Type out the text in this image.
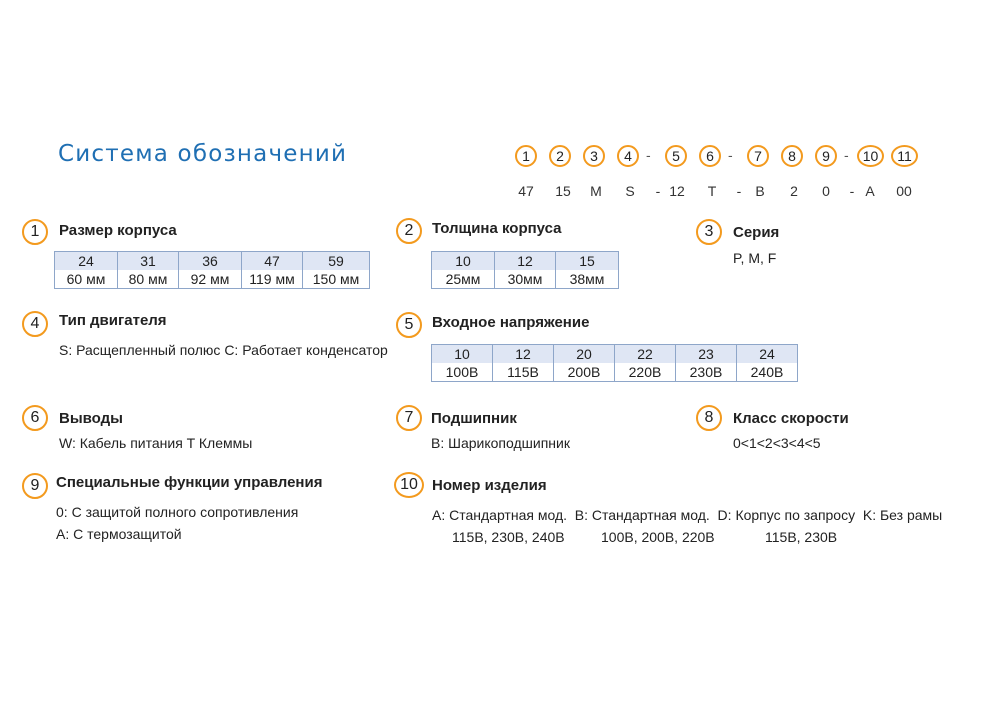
Система обозначений	1	2	3	4	-	5	6	-	7	8	9	-	10	11
47	15	M	S	- 12	T	-	B	2	0	- A	00
1	Размер корпуса
24	31	36	47	59
60 мм	80 мм	92 мм	119 мм	150 мм
2	Толщина корпуса
10	12	15
25мм	30мм	38мм
3	Серия
P, M, F
4	Тип двигателя
S: Расщепленный полюс C: Работает конденсатор
5	Входное напряжение
10	12	20	22	23	24
100В	115В	200В	220В	230В	240В
6	Выводы
W: Кабель питания T Клеммы
7	Подшипник
B: Шарикоподшипник
8	Класс скорости
0<1<2<3<4<5
9	Специальные функции управления
0: С защитой полного сопротивления
A: С термозащитой
10 Номер изделия
A: Стандартная мод.  B: Стандартная мод.  D: Корпус по запросу  K: Без рамы
115В, 230В, 240В	100В, 200В, 220В	115В, 230В
